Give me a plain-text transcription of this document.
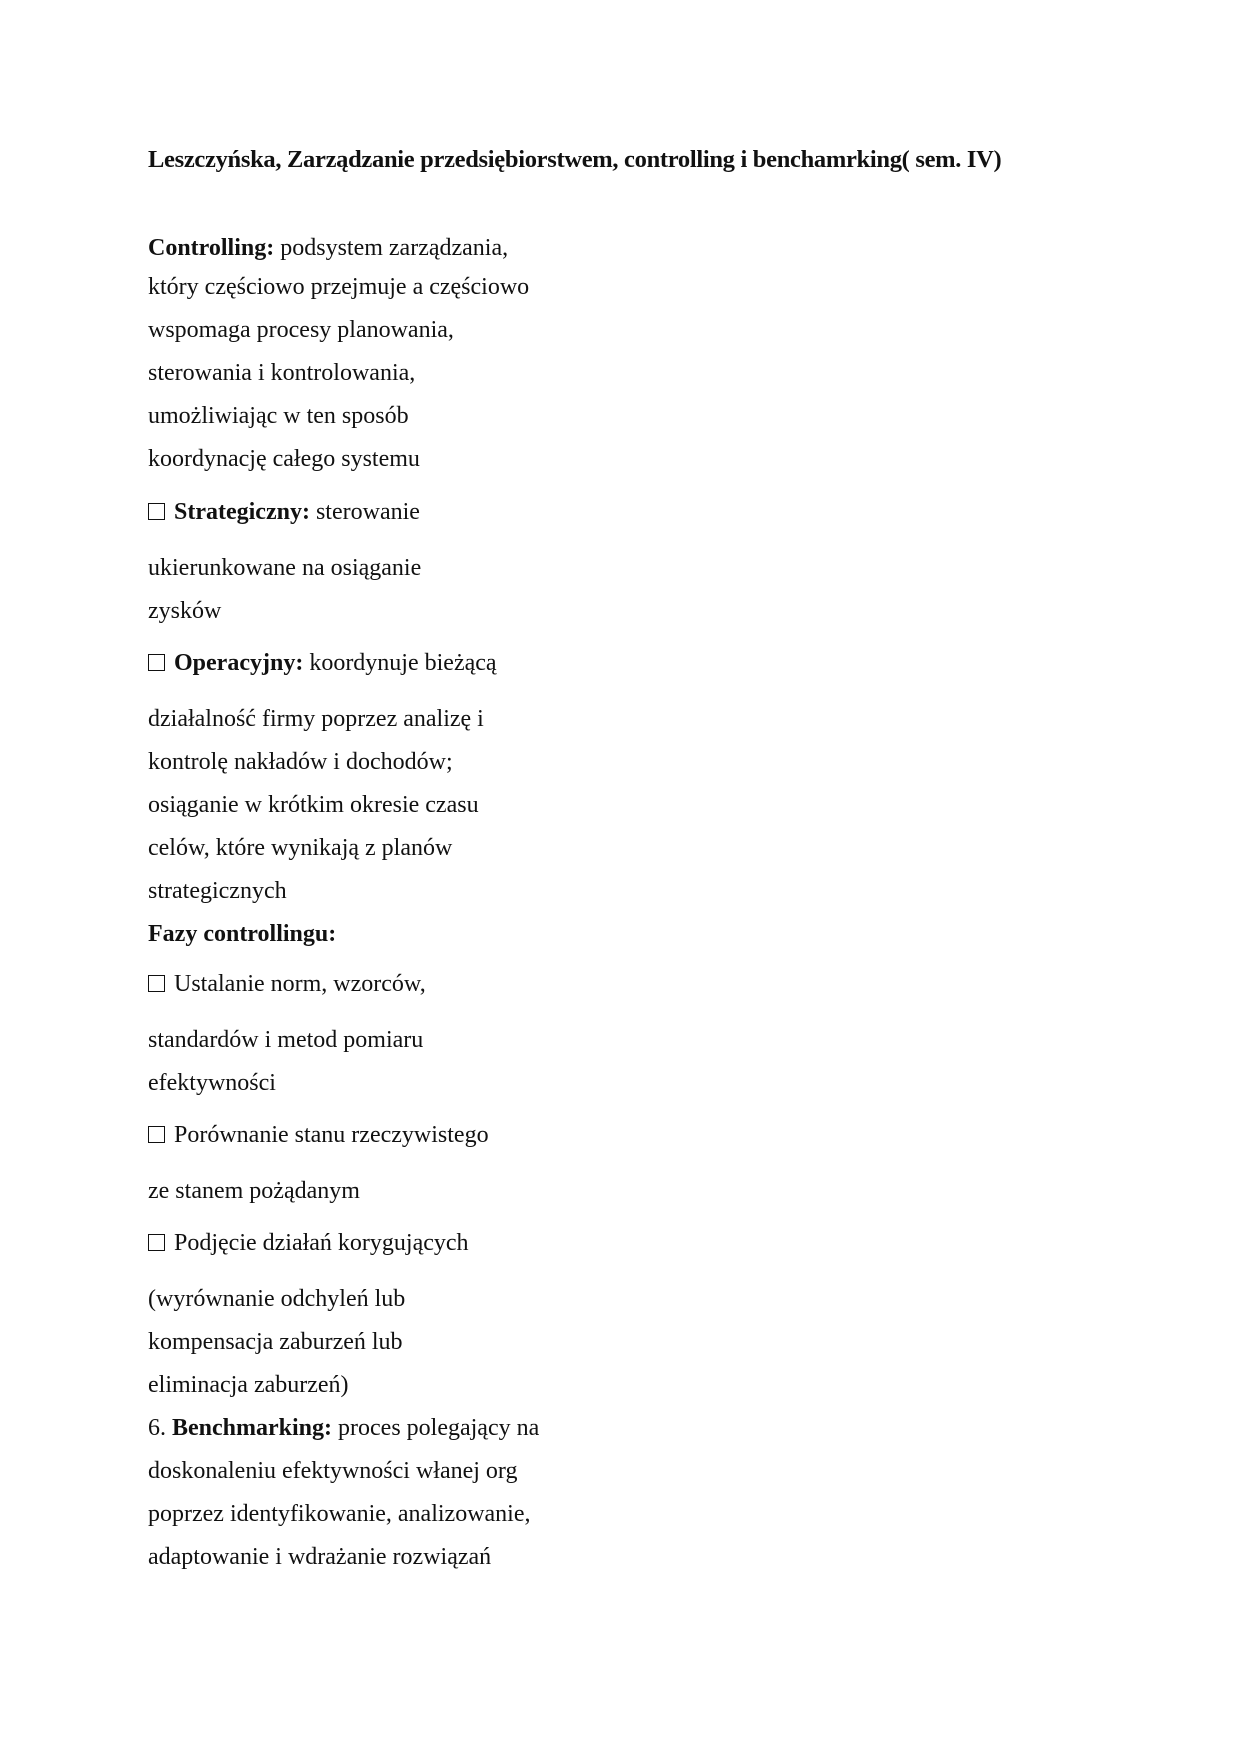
Leszczyńska, Zarządzanie przedsiębiorstwem, controlling i benchamrking( sem. IV)
Controlling: podsystem zarządzania,
który częściowo przejmuje a częściowo
wspomaga procesy planowania,
sterowania i kontrolowania,
umożliwiając w ten sposób
koordynację całego systemu
Strategiczny: sterowanie
ukierunkowane na osiąganie
zysków
Operacyjny: koordynuje bieżącą
działalność firmy poprzez analizę i
kontrolę nakładów i dochodów;
osiąganie w krótkim okresie czasu
celów, które wynikają z planów
strategicznych
Fazy controllingu:
Ustalanie norm, wzorców,
standardów i metod pomiaru
efektywności
Porównanie stanu rzeczywistego
ze stanem pożądanym
Podjęcie działań korygujących
(wyrównanie odchyleń lub
kompensacja zaburzeń lub
eliminacja zaburzeń)
6. Benchmarking: proces polegający na
doskonaleniu efektywności włanej org
poprzez identyfikowanie, analizowanie,
adaptowanie i wdrażanie rozwiązań
